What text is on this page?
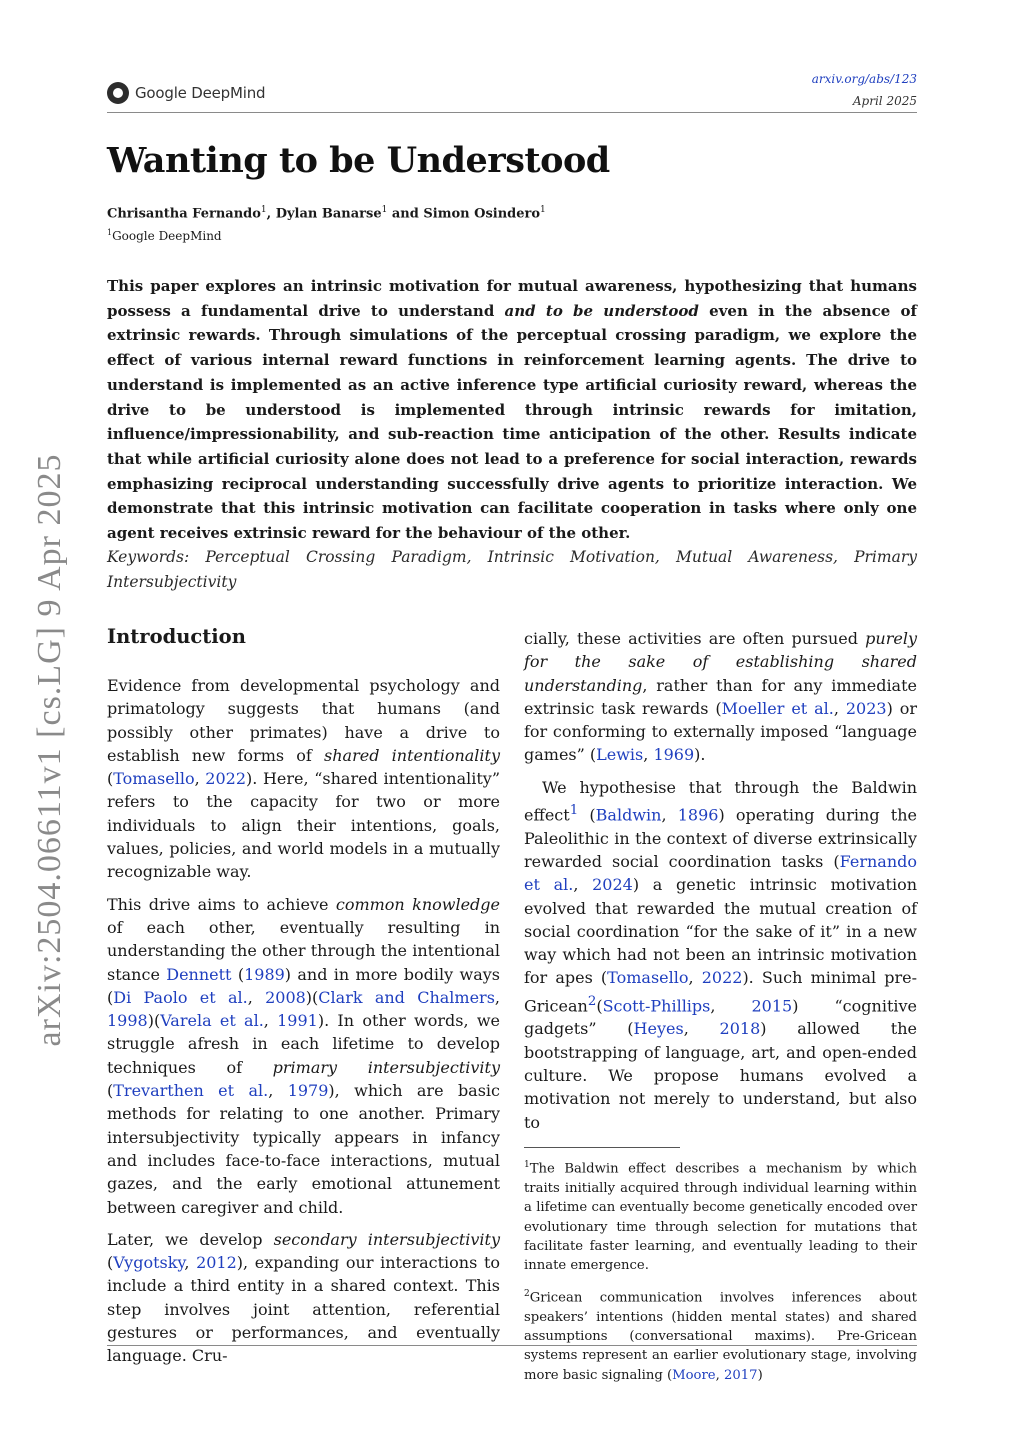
arXiv:2504.06611v1 [cs.LG] 9 Apr 2025
Google DeepMind
arxiv.org/abs/123
April 2025
Wanting to be Understood
Chrisantha Fernando$^1$, Dylan Banarse$^1$ and Simon Osindero$^1$
$^1$Google DeepMind

This paper explores an intrinsic motivation for mutual awareness, hypothesizing that humans possess a fundamental drive to understand and to be understood even in the absence of extrinsic rewards. Through simulations of the perceptual crossing paradigm, we explore the effect of various internal reward functions in reinforcement learning agents. The drive to understand is implemented as an active inference type artificial curiosity reward, whereas the drive to be understood is implemented through intrinsic rewards for imitation, influence/impressionability, and sub-reaction time anticipation of the other. Results indicate that while artificial curiosity alone does not lead to a preference for social interaction, rewards emphasizing reciprocal understanding successfully drive agents to prioritize interaction. We demonstrate that this intrinsic motivation can facilitate cooperation in tasks where only one agent receives extrinsic reward for the behaviour of the other.

Keywords: Perceptual Crossing Paradigm, Intrinsic Motivation, Mutual Awareness, Primary Intersubjectivity

Introduction

Evidence from developmental psychology and primatology suggests that humans (and possibly other primates) have a drive to establish new forms of shared intentionality (Tomasello, 2022). Here, “shared intentionality” refers to the capacity for two or more individuals to align their intentions, goals, values, policies, and world models in a mutually recognizable way.

This drive aims to achieve common knowledge of each other, eventually resulting in understanding the other through the intentional stance Dennett (1989) and in more bodily ways (Di Paolo et al., 2008)(Clark and Chalmers, 1998)(Varela et al., 1991). In other words, we struggle afresh in each lifetime to develop techniques of primary intersubjectivity (Trevarthen et al., 1979), which are basic methods for relating to one another. Primary intersubjectivity typically appears in infancy and includes face-to-face interactions, mutual gazes, and the early emotional attunement between caregiver and child.

Later, we develop secondary intersubjectivity (Vygotsky, 2012), expanding our interactions to include a third entity in a shared context. This step involves joint attention, referential gestures or performances, and eventually language. Cru-

cially, these activities are often pursued purely for the sake of establishing shared understanding, rather than for any immediate extrinsic task rewards (Moeller et al., 2023) or for conforming to externally imposed “language games” (Lewis, 1969).

We hypothesise that through the Baldwin effect$^1$ (Baldwin, 1896) operating during the Paleolithic in the context of diverse extrinsically rewarded social coordination tasks (Fernando et al., 2024) a genetic intrinsic motivation evolved that rewarded the mutual creation of social coordination “for the sake of it” in a new way which had not been an intrinsic motivation for apes (Tomasello, 2022). Such minimal pre-Gricean$^2$(Scott-Phillips, 2015) “cognitive gadgets” (Heyes, 2018) allowed the bootstrapping of language, art, and open-ended culture. We propose humans evolved a motivation not merely to understand, but also to

$^1$The Baldwin effect describes a mechanism by which traits initially acquired through individual learning within a lifetime can eventually become genetically encoded over evolutionary time through selection for mutations that facilitate faster learning, and eventually leading to their innate emergence.

$^2$Gricean communication involves inferences about speakers’ intentions (hidden mental states) and shared assumptions (conversational maxims). Pre-Gricean systems represent an earlier evolutionary stage, involving more basic signaling (Moore, 2017)
